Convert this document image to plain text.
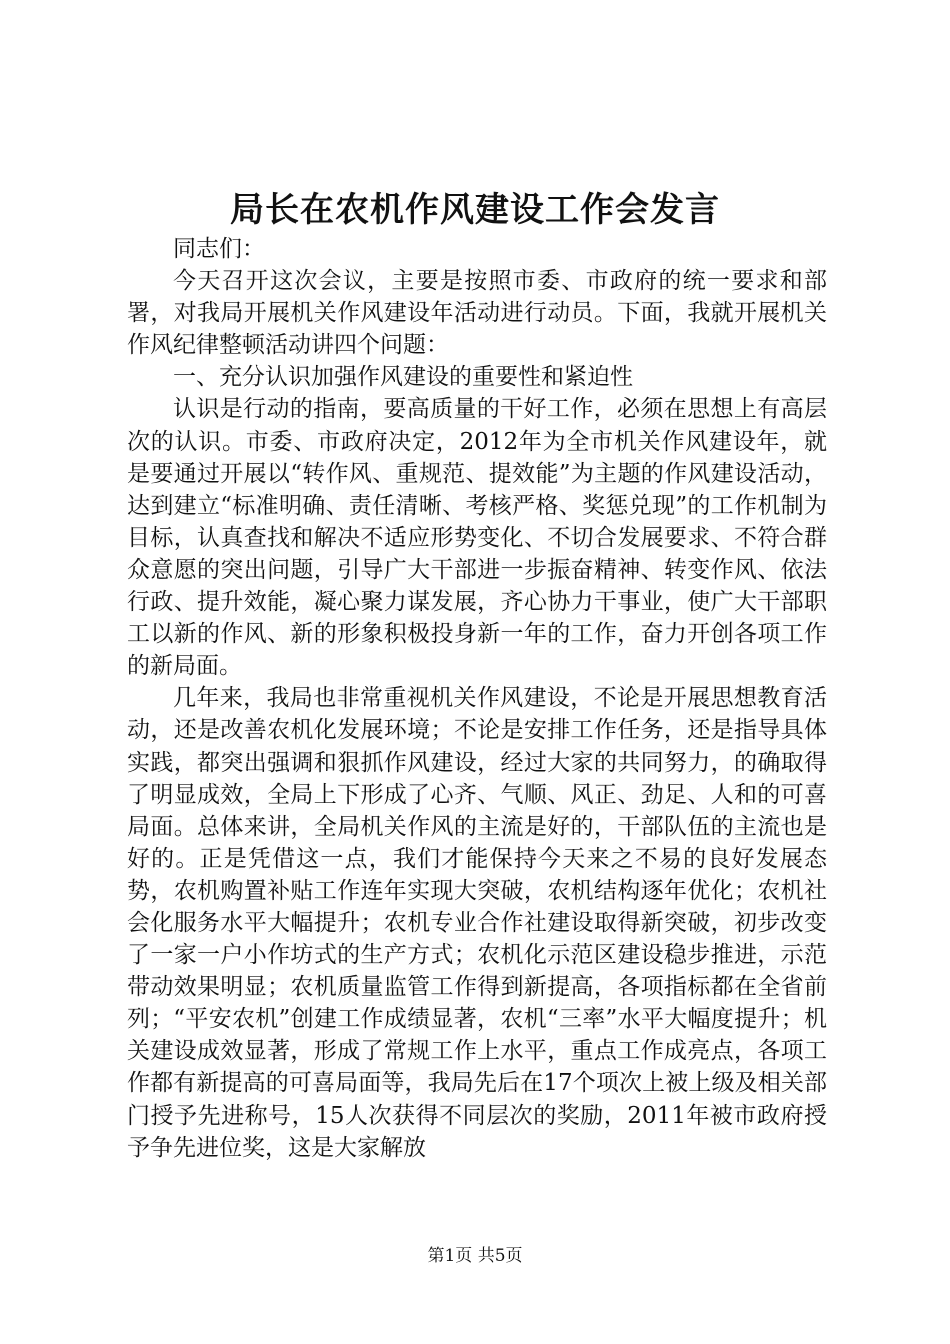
局长在农机作风建设工作会发言

同志们：

今天召开这次会议，主要是按照市委、市政府的统一要求和部署，对我局开展机关作风建设年活动进行动员。下面，我就开展机关作风纪律整顿活动讲四个问题：

一、充分认识加强作风建设的重要性和紧迫性

认识是行动的指南，要高质量的干好工作，必须在思想上有高层次的认识。市委、市政府决定，2012年为全市机关作风建设年，就是要通过开展以“转作风、重规范、提效能”为主题的作风建设活动，达到建立“标准明确、责任清晰、考核严格、奖惩兑现”的工作机制为目标，认真查找和解决不适应形势变化、不切合发展要求、不符合群众意愿的突出问题，引导广大干部进一步振奋精神、转变作风、依法行政、提升效能，凝心聚力谋发展，齐心协力干事业，使广大干部职工以新的作风、新的形象积极投身新一年的工作，奋力开创各项工作的新局面。

几年来，我局也非常重视机关作风建设，不论是开展思想教育活动，还是改善农机化发展环境；不论是安排工作任务，还是指导具体实践，都突出强调和狠抓作风建设，经过大家的共同努力，的确取得了明显成效，全局上下形成了心齐、气顺、风正、劲足、人和的可喜局面。总体来讲，全局机关作风的主流是好的，干部队伍的主流也是好的。正是凭借这一点，我们才能保持今天来之不易的良好发展态势，农机购置补贴工作连年实现大突破，农机结构逐年优化；农机社会化服务水平大幅提升；农机专业合作社建设取得新突破，初步改变了一家一户小作坊式的生产方式；农机化示范区建设稳步推进，示范带动效果明显；农机质量监管工作得到新提高，各项指标都在全省前列；“平安农机”创建工作成绩显著，农机“三率”水平大幅度提升；机关建设成效显著，形成了常规工作上水平，重点工作成亮点，各项工作都有新提高的可喜局面等，我局先后在17个项次上被上级及相关部门授予先进称号，15人次获得不同层次的奖励，2011年被市政府授予争先进位奖，这是大家解放

第1页 共5页
